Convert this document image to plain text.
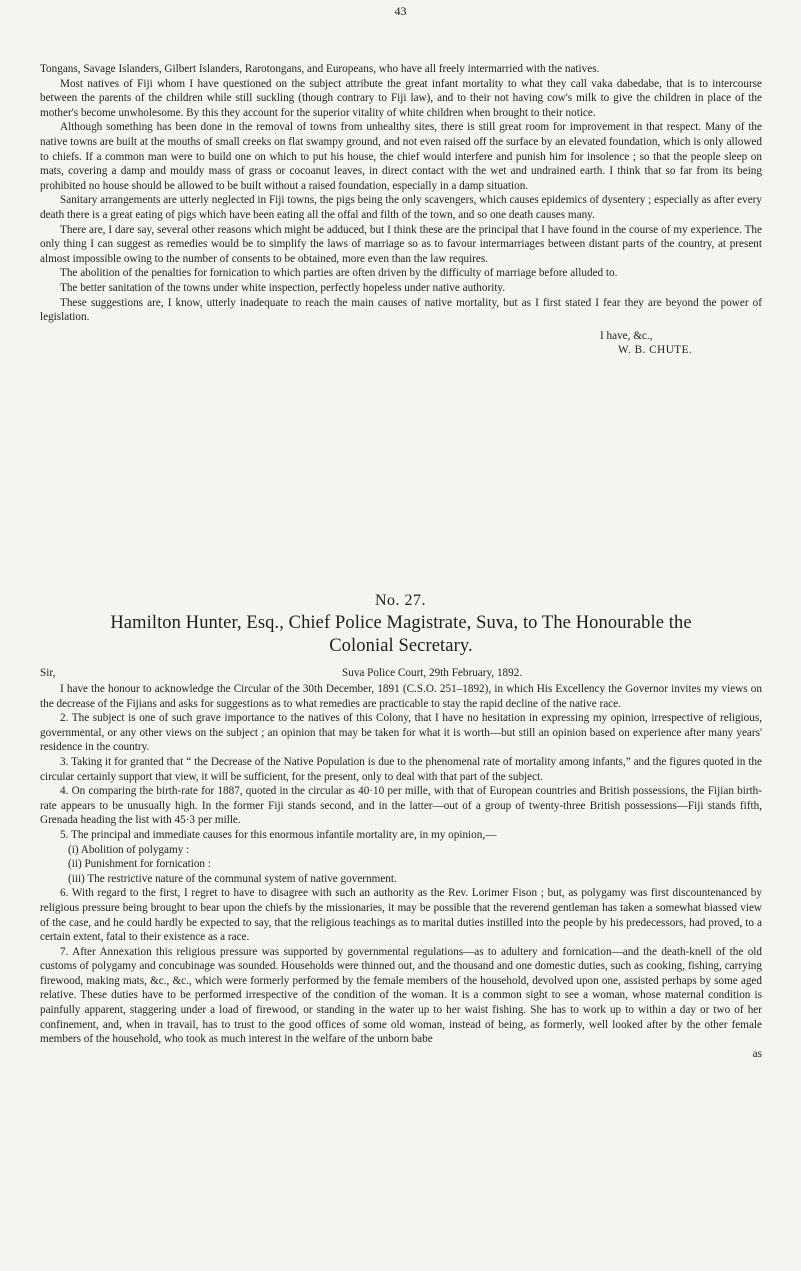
43

Tongans, Savage Islanders, Gilbert Islanders, Rarotongans, and Europeans, who have all freely intermarried with the natives.

Most natives of Fiji whom I have questioned on the subject attribute the great infant mortality to what they call vaka dabedabe, that is to intercourse between the parents of the children while still suckling (though contrary to Fiji law), and to their not having cow's milk to give the children in place of the mother's become unwholesome. By this they account for the superior vitality of white children when brought to their notice.

Although something has been done in the removal of towns from unhealthy sites, there is still great room for improvement in that respect. Many of the native towns are built at the mouths of small creeks on flat swampy ground, and not even raised off the surface by an elevated foundation, which is only allowed to chiefs. If a common man were to build one on which to put his house, the chief would interfere and punish him for insolence ; so that the people sleep on mats, covering a damp and mouldy mass of grass or cocoanut leaves, in direct contact with the wet and undrained earth. I think that so far from its being prohibited no house should be allowed to be built without a raised foundation, especially in a damp situation.

Sanitary arrangements are utterly neglected in Fiji towns, the pigs being the only scavengers, which causes epidemics of dysentery ; especially as after every death there is a great eating of pigs which have been eating all the offal and filth of the town, and so one death causes many.

There are, I dare say, several other reasons which might be adduced, but I think these are the principal that I have found in the course of my experience. The only thing I can suggest as remedies would be to simplify the laws of marriage so as to favour intermarriages between distant parts of the country, at present almost impossible owing to the number of consents to be obtained, more even than the law requires.

The abolition of the penalties for fornication to which parties are often driven by the difficulty of marriage before alluded to.

The better sanitation of the towns under white inspection, perfectly hopeless under native authority.

These suggestions are, I know, utterly inadequate to reach the main causes of native mortality, but as I first stated I fear they are beyond the power of legislation.

I have, &c.,
W. B. CHUTE.
No. 27.
Hamilton Hunter, Esq., Chief Police Magistrate, Suva, to The Honourable the
Colonial Secretary.
Sir,	Suva Police Court, 29th February, 1892.

I have the honour to acknowledge the Circular of the 30th December, 1891 (C.S.O. 251–1892), in which His Excellency the Governor invites my views on the decrease of the Fijians and asks for suggestions as to what remedies are practicable to stay the rapid decline of the native race.

2. The subject is one of such grave importance to the natives of this Colony, that I have no hesitation in expressing my opinion, irrespective of religious, governmental, or any other views on the subject ; an opinion that may be taken for what it is worth—but still an opinion based on experience after many years' residence in the country.

3. Taking it for granted that “ the Decrease of the Native Population is due to the phenomenal rate of mortality among infants,” and the figures quoted in the circular certainly support that view, it will be sufficient, for the present, only to deal with that part of the subject.

4. On comparing the birth-rate for 1887, quoted in the circular as 40·10 per mille, with that of European countries and British possessions, the Fijian birth-rate appears to be unusually high. In the former Fiji stands second, and in the latter—out of a group of twenty-three British possessions—Fiji stands fifth, Grenada heading the list with 45·3 per mille.

5. The principal and immediate causes for this enormous infantile mortality are, in my opinion,—

(i) Abolition of polygamy :
(ii) Punishment for fornication :
(iii) The restrictive nature of the communal system of native government.

6. With regard to the first, I regret to have to disagree with such an authority as the Rev. Lorimer Fison ; but, as polygamy was first discountenanced by religious pressure being brought to bear upon the chiefs by the missionaries, it may be possible that the reverend gentleman has taken a somewhat biassed view of the case, and he could hardly be expected to say, that the religious teachings as to marital duties instilled into the people by his predecessors, had proved, to a certain extent, fatal to their existence as a race.

7. After Annexation this religious pressure was supported by governmental regulations—as to adultery and fornication—and the death-knell of the old customs of polygamy and concubinage was sounded. Households were thinned out, and the thousand and one domestic duties, such as cooking, fishing, carrying firewood, making mats, &c., &c., which were formerly performed by the female members of the household, devolved upon one, assisted perhaps by some aged relative. These duties have to be performed irrespective of the condition of the woman. It is a common sight to see a woman, whose maternal condition is painfully apparent, staggering under a load of firewood, or standing in the water up to her waist fishing. She has to work up to within a day or two of her confinement, and, when in travail, has to trust to the good offices of some old woman, instead of being, as formerly, well looked after by the other female members of the household, who took as much interest in the welfare of the unborn babe

as
